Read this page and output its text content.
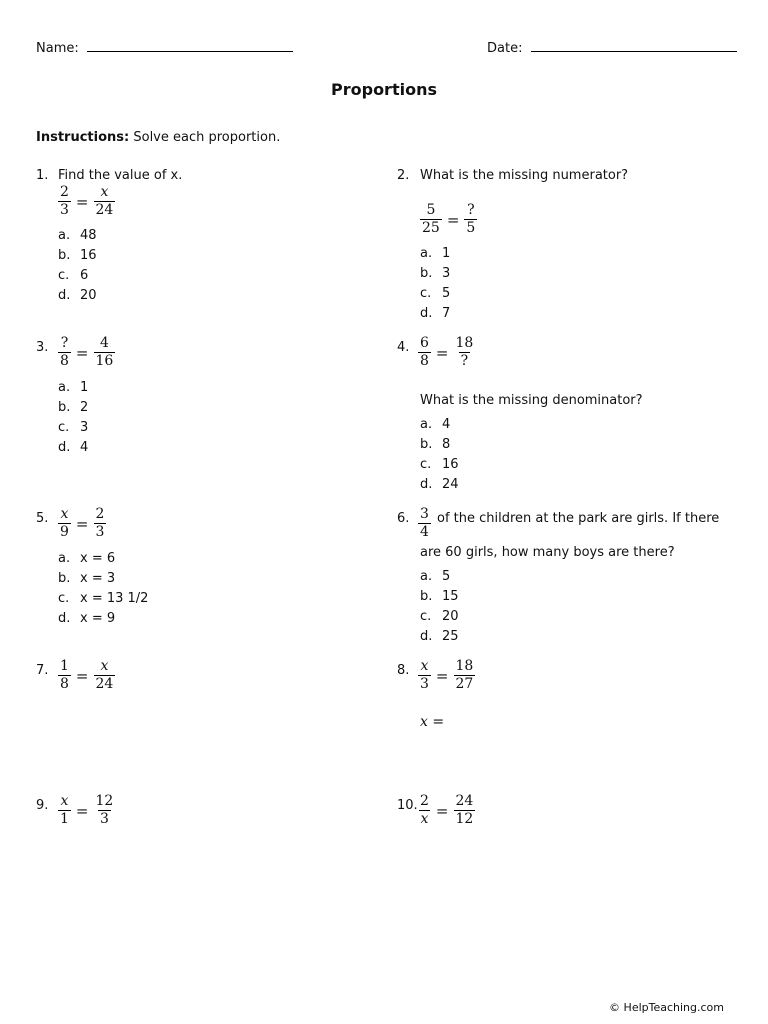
Name:	Date:
Proportions
Instructions: Solve each proportion.
1. Find the value of x.
$\frac{2}{3} = \frac{x}{24}$
a. 48
b. 16
c. 6
d. 20
2. What is the missing numerator?
$\frac{5}{25} = \frac{?}{5}$
a. 1
b. 3
c. 5
d. 7
3. $\frac{?}{8} = \frac{4}{16}$
a. 1
b. 2
c. 3
d. 4
4. $\frac{6}{8} = \frac{18}{?}$
What is the missing denominator?
a. 4
b. 8
c. 16
d. 24
5. $\frac{x}{9} = \frac{2}{3}$
a. x = 6
b. x = 3
c. x = 13 1/2
d. x = 9
6. $\frac{3}{4}$ of the children at the park are girls. If there
are 60 girls, how many boys are there?
a. 5
b. 15
c. 20
d. 25
7. $\frac{1}{8} = \frac{x}{24}$	8. $\frac{x}{3} = \frac{18}{27}$
x =
9. $\frac{x}{1} = \frac{12}{3}$	10. $\frac{2}{x} = \frac{24}{12}$
© HelpTeaching.com
